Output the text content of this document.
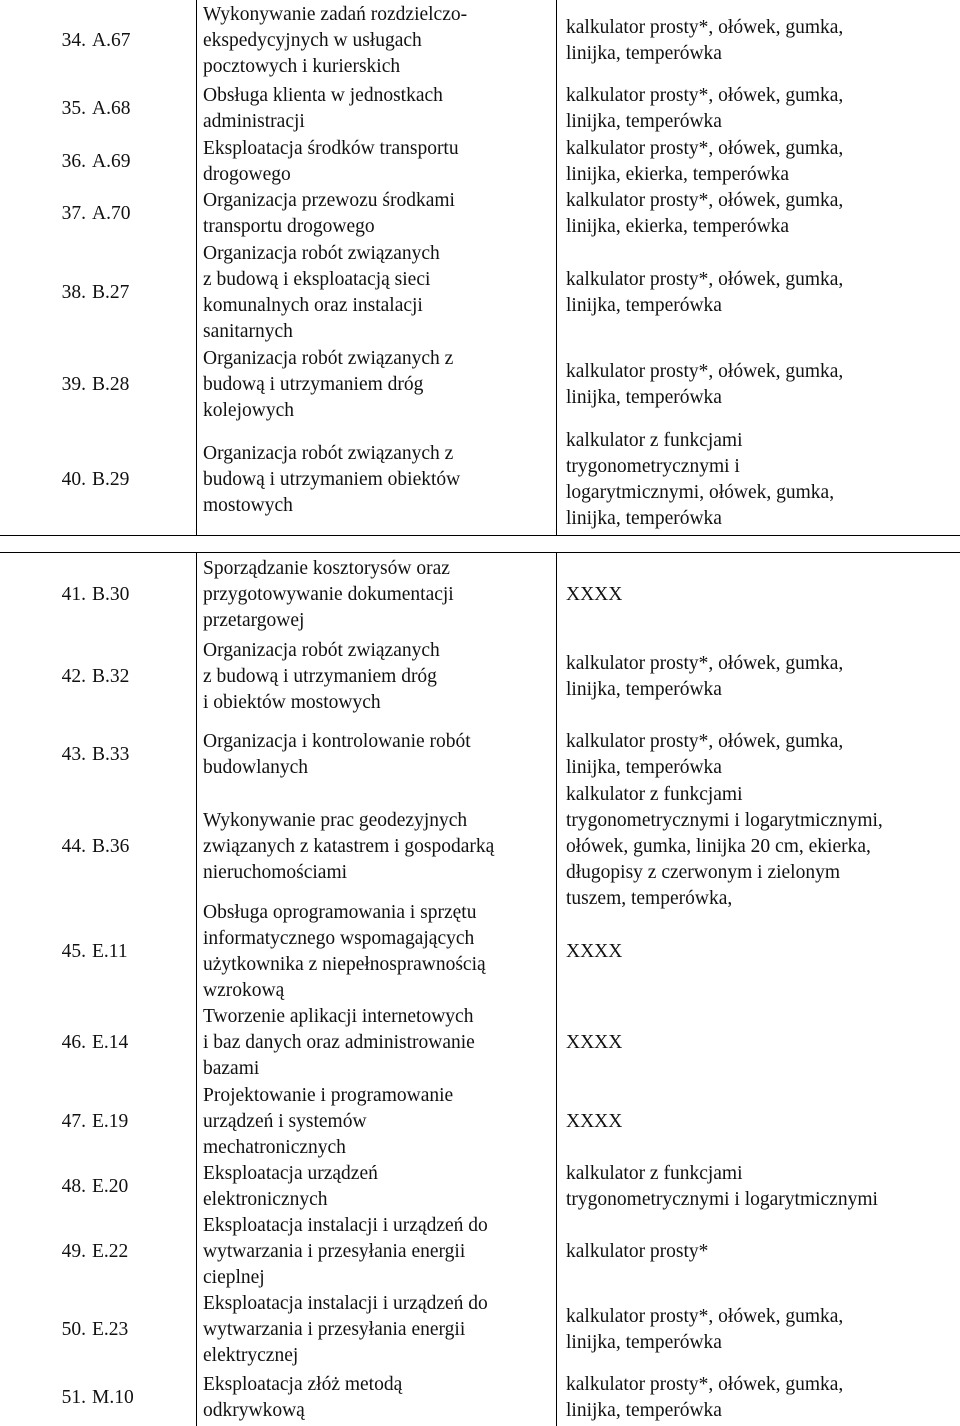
34. A.67
Wykonywanie zadań rozdzielczo-
ekspedycyjnych w usługach
pocztowych i kurierskich
kalkulator prosty*, ołówek, gumka,
linijka, temperówka
35. A.68
Obsługa klienta w jednostkach
administracji
kalkulator prosty*, ołówek, gumka,
linijka, temperówka
36. A.69
Eksploatacja środków transportu
drogowego
kalkulator prosty*, ołówek, gumka,
linijka, ekierka, temperówka
37. A.70
Organizacja przewozu środkami
transportu drogowego
kalkulator prosty*, ołówek, gumka,
linijka, ekierka, temperówka
38. B.27
Organizacja robót związanych
z budową i eksploatacją sieci
komunalnych oraz instalacji
sanitarnych
kalkulator prosty*, ołówek, gumka,
linijka, temperówka
39. B.28
Organizacja robót związanych z
budową i utrzymaniem dróg
kolejowych
kalkulator prosty*, ołówek, gumka,
linijka, temperówka
40. B.29
Organizacja robót związanych z
budową i utrzymaniem obiektów
mostowych
kalkulator z funkcjami
trygonometrycznymi i
logarytmicznymi, ołówek, gumka,
linijka, temperówka
41. B.30
Sporządzanie kosztorysów oraz
przygotowywanie dokumentacji
przetargowej
XXXX
42. B.32
Organizacja robót związanych
z budową i utrzymaniem dróg
i obiektów mostowych
kalkulator prosty*, ołówek, gumka,
linijka, temperówka
43. B.33
Organizacja i kontrolowanie robót
budowlanych
kalkulator prosty*, ołówek, gumka,
linijka, temperówka
44. B.36
Wykonywanie prac geodezyjnych
związanych z katastrem i gospodarką
nieruchomościami
kalkulator z funkcjami
trygonometrycznymi i logarytmicznymi,
ołówek, gumka, linijka 20 cm, ekierka,
długopisy z czerwonym i zielonym
tuszem, temperówka,
45. E.11
Obsługa oprogramowania i sprzętu
informatycznego wspomagających
użytkownika z niepełnosprawnością
wzrokową
XXXX
46. E.14
Tworzenie aplikacji internetowych
i baz danych oraz administrowanie
bazami
XXXX
47. E.19
Projektowanie i programowanie
urządzeń i systemów
mechatronicznych
XXXX
48. E.20
Eksploatacja urządzeń
elektronicznych
kalkulator z funkcjami
trygonometrycznymi i logarytmicznymi
49. E.22
Eksploatacja instalacji i urządzeń do
wytwarzania i przesyłania energii
cieplnej
kalkulator prosty*
50. E.23
Eksploatacja instalacji i urządzeń do
wytwarzania i przesyłania energii
elektrycznej
kalkulator prosty*, ołówek, gumka,
linijka, temperówka
51. M.10
Eksploatacja złóż metodą
odkrywkową
kalkulator prosty*, ołówek, gumka,
linijka, temperówka
